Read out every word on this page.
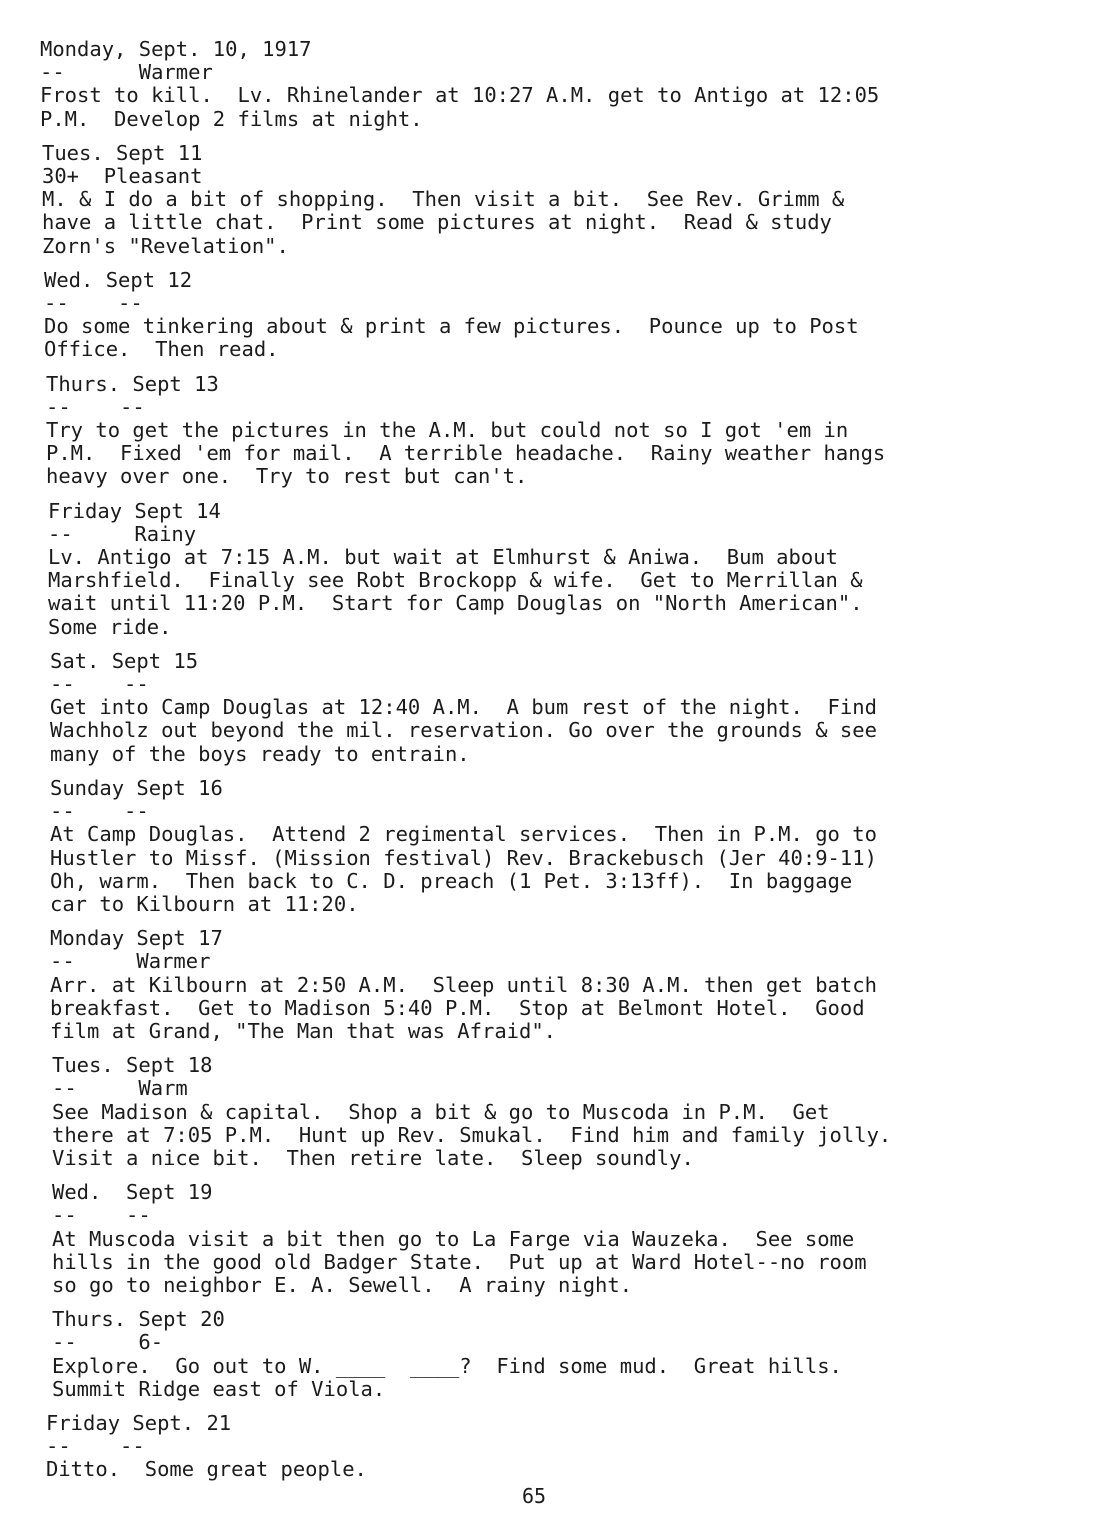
Monday, Sept. 10, 1917
--      Warmer
Frost to kill.  Lv. Rhinelander at 10:27 A.M. get to Antigo at 12:05
P.M.  Develop 2 films at night.
Tues. Sept 11
30+  Pleasant
M. & I do a bit of shopping.  Then visit a bit.  See Rev. Grimm &
have a little chat.  Print some pictures at night.  Read & study
Zorn's "Revelation".
Wed. Sept 12
--    --
Do some tinkering about & print a few pictures.  Pounce up to Post
Office.  Then read.
Thurs. Sept 13
--    --
Try to get the pictures in the A.M. but could not so I got 'em in
P.M.  Fixed 'em for mail.  A terrible headache.  Rainy weather hangs
heavy over one.  Try to rest but can't.
Friday Sept 14
--     Rainy
Lv. Antigo at 7:15 A.M. but wait at Elmhurst & Aniwa.  Bum about
Marshfield.  Finally see Robt Brockopp & wife.  Get to Merrillan &
wait until 11:20 P.M.  Start for Camp Douglas on "North American".
Some ride.
Sat. Sept 15
--    --
Get into Camp Douglas at 12:40 A.M.  A bum rest of the night.  Find
Wachholz out beyond the mil. reservation. Go over the grounds & see
many of the boys ready to entrain.
Sunday Sept 16
--    --
At Camp Douglas.  Attend 2 regimental services.  Then in P.M. go to
Hustler to Missf. (Mission festival) Rev. Brackebusch (Jer 40:9-11)
Oh, warm.  Then back to C. D. preach (1 Pet. 3:13ff).  In baggage
car to Kilbourn at 11:20.
Monday Sept 17
--     Warmer
Arr. at Kilbourn at 2:50 A.M.  Sleep until 8:30 A.M. then get batch
breakfast.  Get to Madison 5:40 P.M.  Stop at Belmont Hotel.  Good
film at Grand, "The Man that was Afraid".
Tues. Sept 18
--     Warm
See Madison & capital.  Shop a bit & go to Muscoda in P.M.  Get
there at 7:05 P.M.  Hunt up Rev. Smukal.  Find him and family jolly.
Visit a nice bit.  Then retire late.  Sleep soundly.
Wed.  Sept 19
--    --
At Muscoda visit a bit then go to La Farge via Wauzeka.  See some
hills in the good old Badger State.  Put up at Ward Hotel--no room
so go to neighbor E. A. Sewell.  A rainy night.
Thurs. Sept 20
--     6-
Explore.  Go out to W. ____  ____?  Find some mud.  Great hills.
Summit Ridge east of Viola.
Friday Sept. 21
--    --
Ditto.  Some great people.
65
